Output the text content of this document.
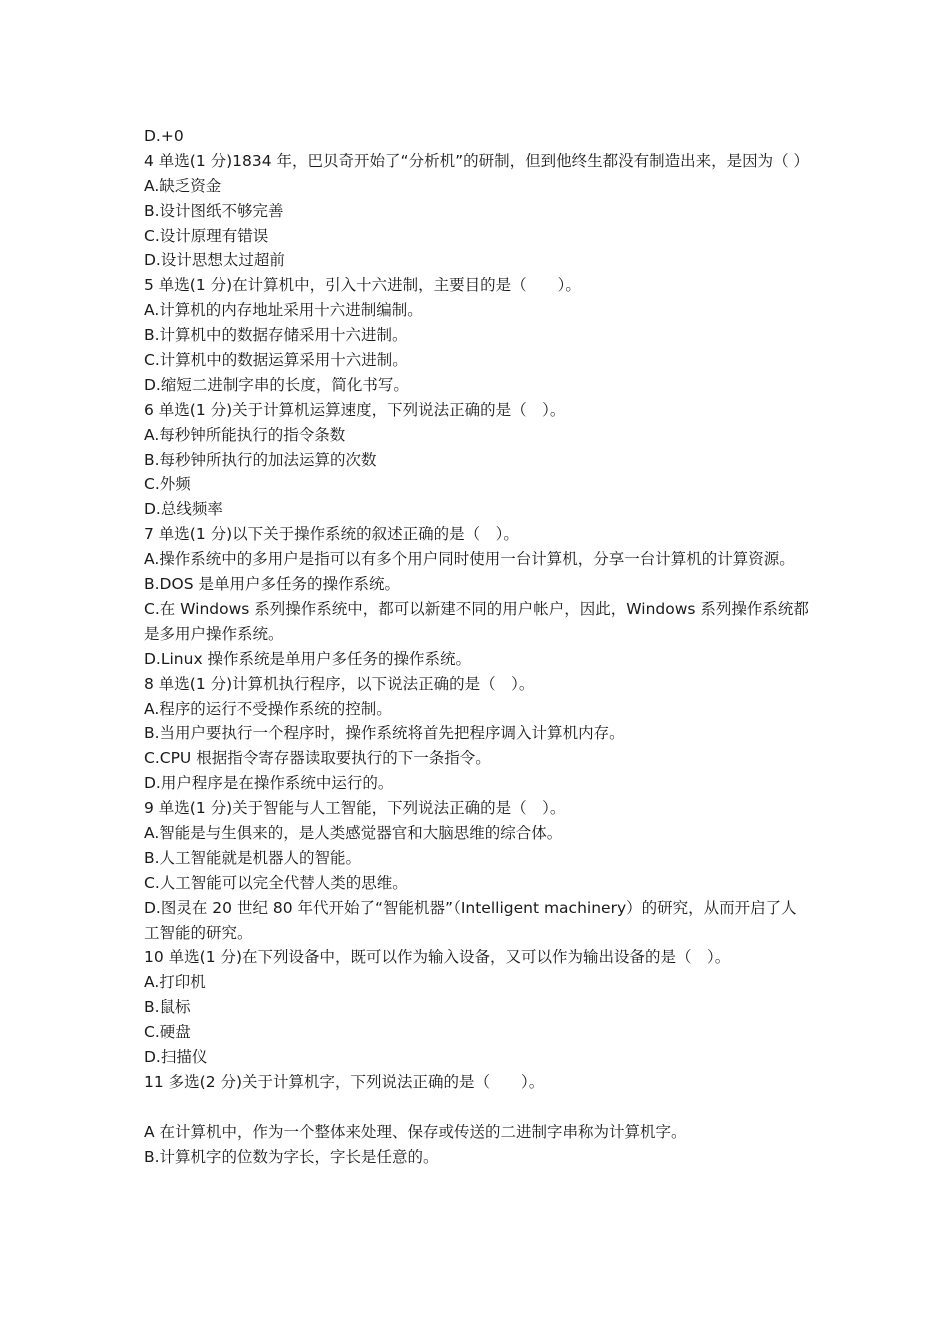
D.+0
4 单选(1 分)1834 年，巴贝奇开始了“分析机”的研制，但到他终生都没有制造出来，是因为（ ）
A.缺乏资金
B.设计图纸不够完善
C.设计原理有错误
D.设计思想太过超前
5 单选(1 分)在计算机中，引入十六进制，主要目的是（　　）。
A.计算机的内存地址采用十六进制编制。
B.计算机中的数据存储采用十六进制。
C.计算机中的数据运算采用十六进制。
D.缩短二进制字串的长度，简化书写。
6 单选(1 分)关于计算机运算速度，下列说法正确的是（　）。
A.每秒钟所能执行的指令条数
B.每秒钟所执行的加法运算的次数
C.外频
D.总线频率
7 单选(1 分)以下关于操作系统的叙述正确的是（　）。
A.操作系统中的多用户是指可以有多个用户同时使用一台计算机，分享一台计算机的计算资源。
B.DOS 是单用户多任务的操作系统。
C.在 Windows 系列操作系统中，都可以新建不同的用户帐户，因此，Windows 系列操作系统都是多用户操作系统。
D.Linux 操作系统是单用户多任务的操作系统。
8 单选(1 分)计算机执行程序，以下说法正确的是（　）。
A.程序的运行不受操作系统的控制。
B.当用户要执行一个程序时，操作系统将首先把程序调入计算机内存。
C.CPU 根据指令寄存器读取要执行的下一条指令。
D.用户程序是在操作系统中运行的。
9 单选(1 分)关于智能与人工智能，下列说法正确的是（　）。
A.智能是与生俱来的，是人类感觉器官和大脑思维的综合体。
B.人工智能就是机器人的智能。
C.人工智能可以完全代替人类的思维。
D.图灵在 20 世纪 80 年代开始了“智能机器”（Intelligent machinery）的研究，从而开启了人工智能的研究。
10 单选(1 分)在下列设备中，既可以作为输入设备，又可以作为输出设备的是（　）。
A.打印机
B.鼠标
C.硬盘
D.扫描仪
11 多选(2 分)关于计算机字，下列说法正确的是（　　）。
A 在计算机中，作为一个整体来处理、保存或传送的二进制字串称为计算机字。
B.计算机字的位数为字长，字长是任意的。
